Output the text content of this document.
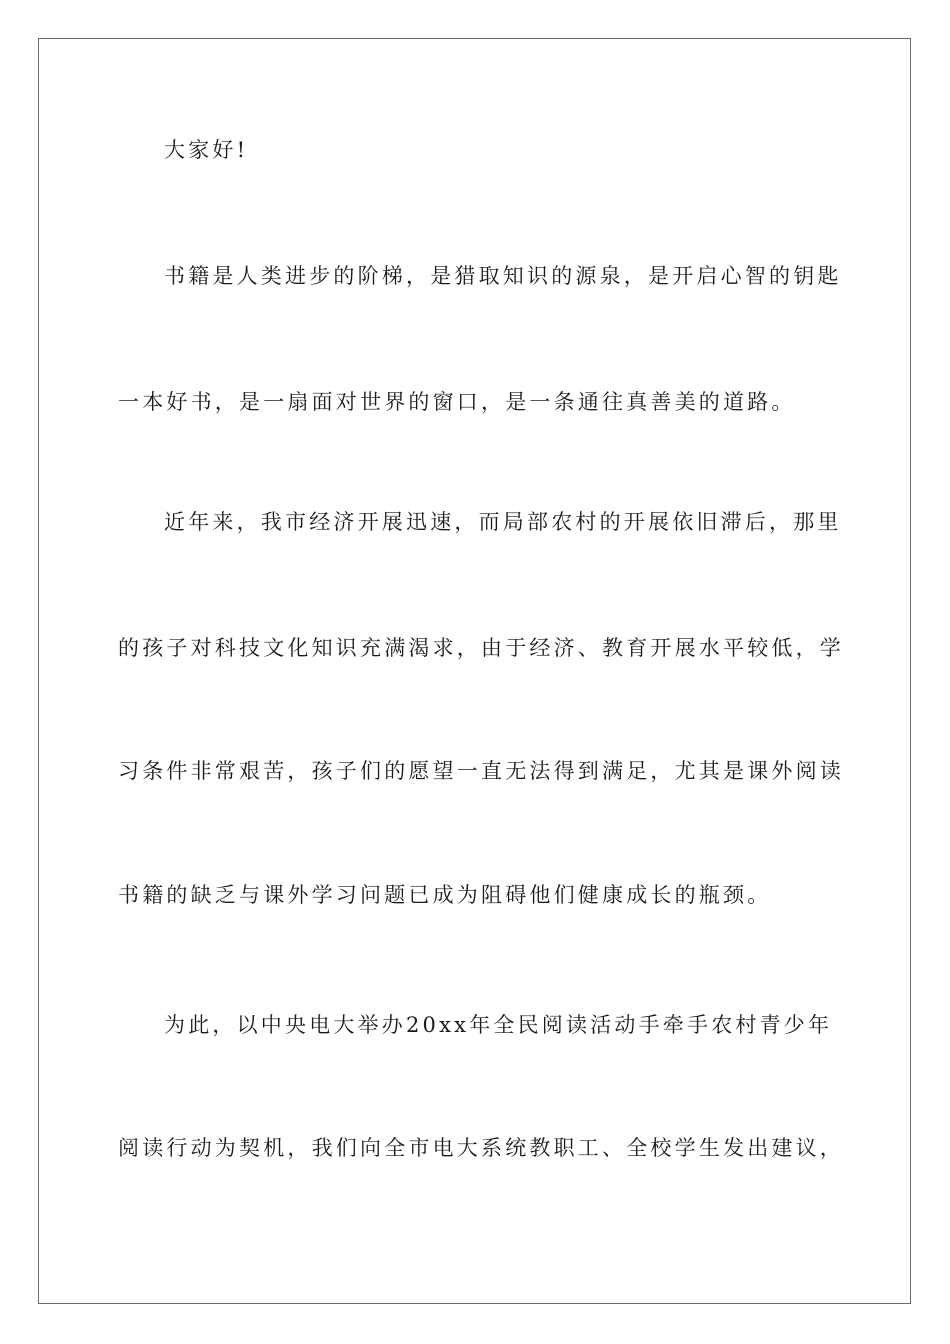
大家好!
书籍是人类进步的阶梯，是猎取知识的源泉，是开启心智的钥匙
一本好书，是一扇面对世界的窗口，是一条通往真善美的道路。
近年来，我市经济开展迅速，而局部农村的开展依旧滞后，那里
的孩子对科技文化知识充满渴求，由于经济、教育开展水平较低，学
习条件非常艰苦，孩子们的愿望一直无法得到满足，尤其是课外阅读
书籍的缺乏与课外学习问题已成为阻碍他们健康成长的瓶颈。
为此，以中央电大举办20xx年全民阅读活动手牵手农村青少年
阅读行动为契机，我们向全市电大系统教职工、全校学生发出建议，
